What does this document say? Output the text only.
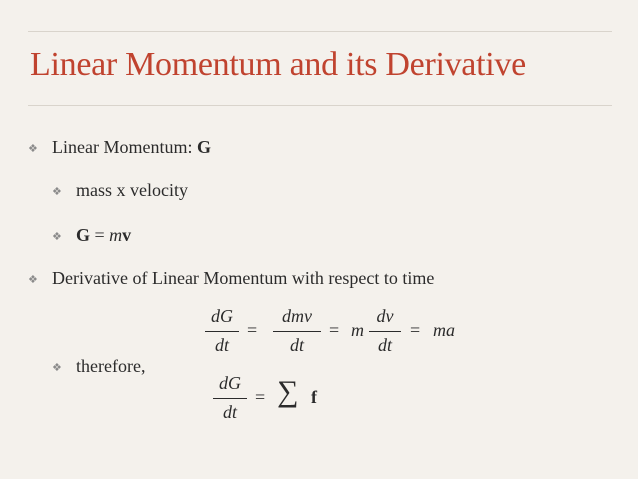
Linear Momentum and its Derivative
❖ Linear Momentum: G
❖ mass x velocity
❖ G = mv
❖ Derivative of Linear Momentum with respect to time
dG
dt
=
dmv
dt
= m
dv
dt
= ma
❖ therefore,
dG
dt
= ∑ f
